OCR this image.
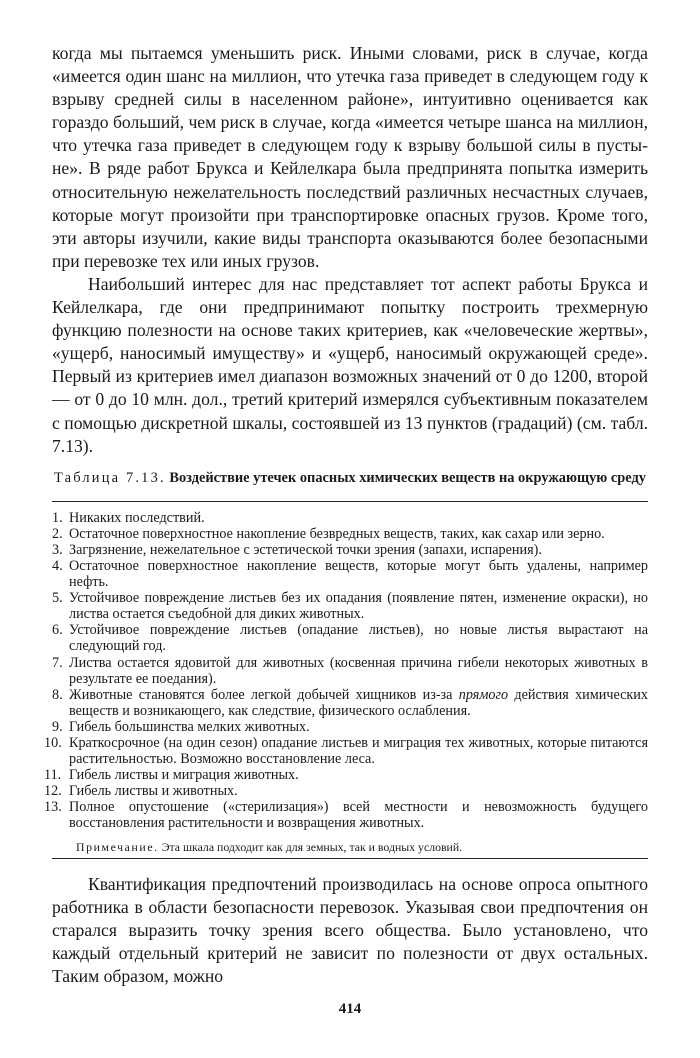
когда мы пытаемся уменьшить риск. Иными словами, риск в случае, когда «имеется один шанс на миллион, что утечка газа приведет в следующем году к взрыву средней силы в населенном районе», интуитивно оценивается как гораздо больший, чем риск в случае, когда «имеется четыре шанса на миллион, что утечка газа приведет в следующем году к взрыву большой силы в пустыне». В ряде работ Брукса и Кейлелкара была предпринята попытка измерить относительную нежелательность последствий различных несчастных случаев, которые могут произойти при транспортировке опасных грузов. Кроме того, эти авторы изучили, какие виды транспорта оказываются более безопасными при перевозке тех или иных грузов.

Наибольший интерес для нас представляет тот аспект работы Брукса и Кейлелкара, где они предпринимают попытку построить трехмерную функцию полезности на основе таких критериев, как «человеческие жертвы», «ущерб, наносимый имуществу» и «ущерб, наносимый окружающей среде». Первый из критериев имел диапазон возможных значений от 0 до 1200, второй — от 0 до 10 млн. дол., третий критерий измерялся субъективным показателем с помощью дискретной шкалы, состоявшей из 13 пунктов (градаций) (см. табл. 7.13).

Таблица 7.13. Воздействие утечек опасных химических веществ на окружающую среду
1. Никаких последствий.
2. Остаточное поверхностное накопление безвредных веществ, таких, как сахар или зерно.
3. Загрязнение, нежелательное с эстетической точки зрения (запахи, испарения).
4. Остаточное поверхностное накопление веществ, которые могут быть удалены, например нефть.
5. Устойчивое повреждение листьев без их опадания (появление пятен, изменение окраски), но листва остается съедобной для диких животных.
6. Устойчивое повреждение листьев (опадание листьев), но новые листья вырастают на следующий год.
7. Листва остается ядовитой для животных (косвенная причина гибели некоторых животных в результате ее поедания).
8. Животные становятся более легкой добычей хищников из-за прямого действия химических веществ и возникающего, как следствие, физического ослабления.
9. Гибель большинства мелких животных.
10. Краткосрочное (на один сезон) опадание листьев и миграция тех животных, которые питаются растительностью. Возможно восстановление леса.
11. Гибель листвы и миграция животных.
12. Гибель листвы и животных.
13. Полное опустошение («стерилизация») всей местности и невозможность будущего восстановления растительности и возвращения животных.
Примечание. Эта шкала подходит как для земных, так и водных условий.

Квантификация предпочтений производилась на основе опроса опытного работника в области безопасности перевозок. Указывая свои предпочтения он старался выразить точку зрения всего общества. Было установлено, что каждый отдельный критерий не зависит по полезности от двух остальных. Таким образом, можно

414
